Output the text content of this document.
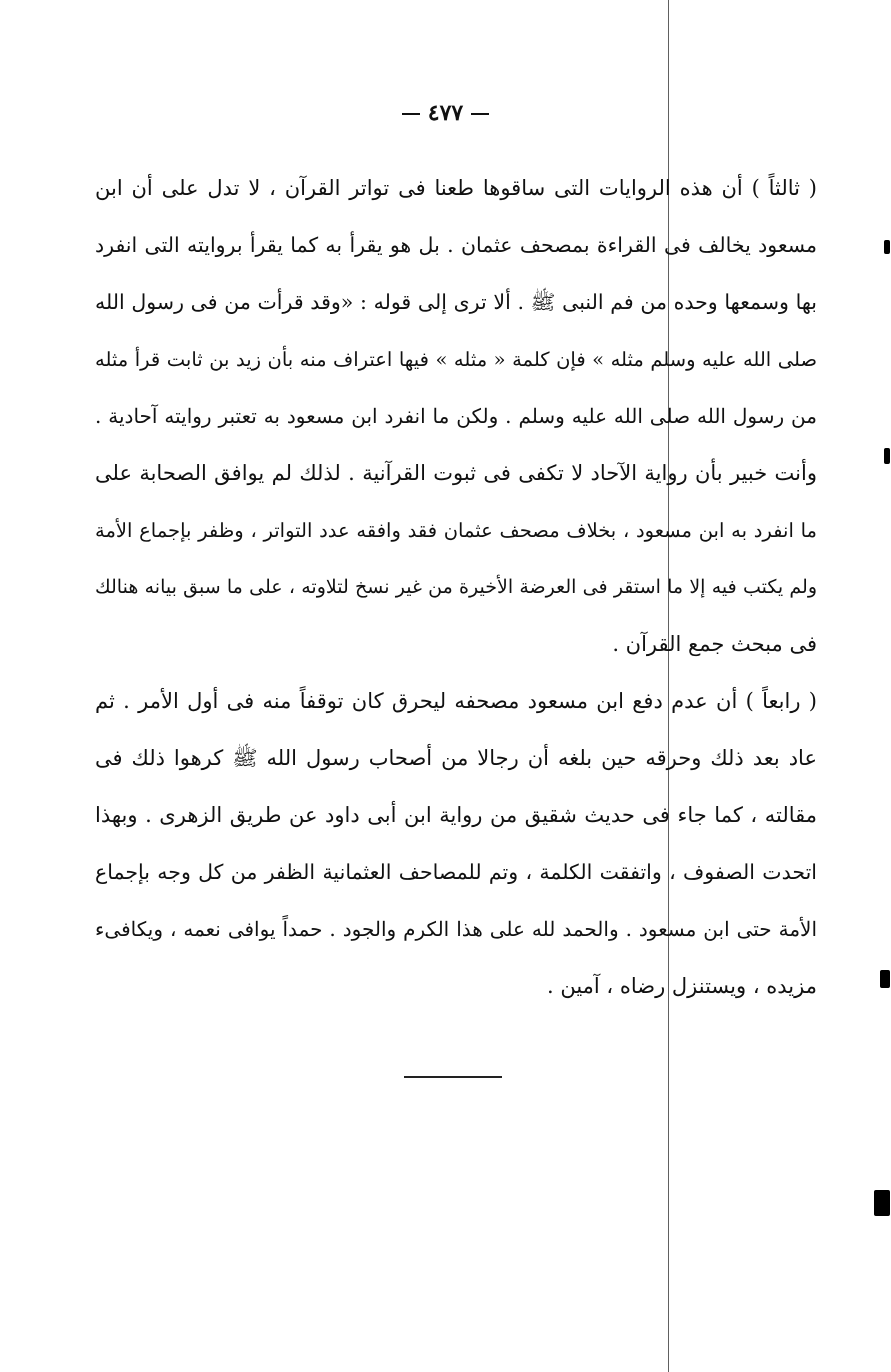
٤٧٧
( ثالثاً ) أن هذه الروايات التى ساقوها طعنا فى تواتر القرآن ، لا تدل على أن ابن
مسعود يخالف فى القراءة بمصحف عثمان . بل هو يقرأ به كما يقرأ بروايته التى انفرد
بها وسمعها وحده من فم النبى ﷺ . ألا ترى إلى قوله : «وقد قرأت من فى رسول الله
صلى الله عليه وسلم مثله » فإن كلمة « مثله » فيها اعتراف منه بأن زيد بن ثابت قرأ مثله
من رسول الله صلى الله عليه وسلم . ولكن ما انفرد ابن مسعود به تعتبر روايته آحادية .
وأنت خبير بأن رواية الآحاد لا تكفى فى ثبوت القرآنية . لذلك لم يوافق الصحابة على
ما انفرد به ابن مسعود ، بخلاف مصحف عثمان فقد وافقه عدد التواتر ، وظفر بإجماع الأمة
ولم يكتب فيه إلا ما استقر فى العرضة الأخيرة من غير نسخ لتلاوته ، على ما سبق بيانه هنالك
فى مبحث جمع القرآن .
( رابعاً ) أن عدم دفع ابن مسعود مصحفه ليحرق كان توقفاً منه فى أول الأمر . ثم
عاد بعد ذلك وحرقه حين بلغه أن رجالا من أصحاب رسول الله ﷺ كرهوا ذلك فى
مقالته ، كما جاء فى حديث شقيق من رواية ابن أبى داود عن طريق الزهرى . وبهذا
اتحدت الصفوف ، واتفقت الكلمة ، وتم للمصاحف العثمانية الظفر من كل وجه بإجماع
الأمة حتى ابن مسعود . والحمد لله على هذا الكرم والجود . حمداً يوافى نعمه ، ويكافىء
مزيده ، ويستنزل رضاه ، آمين .
